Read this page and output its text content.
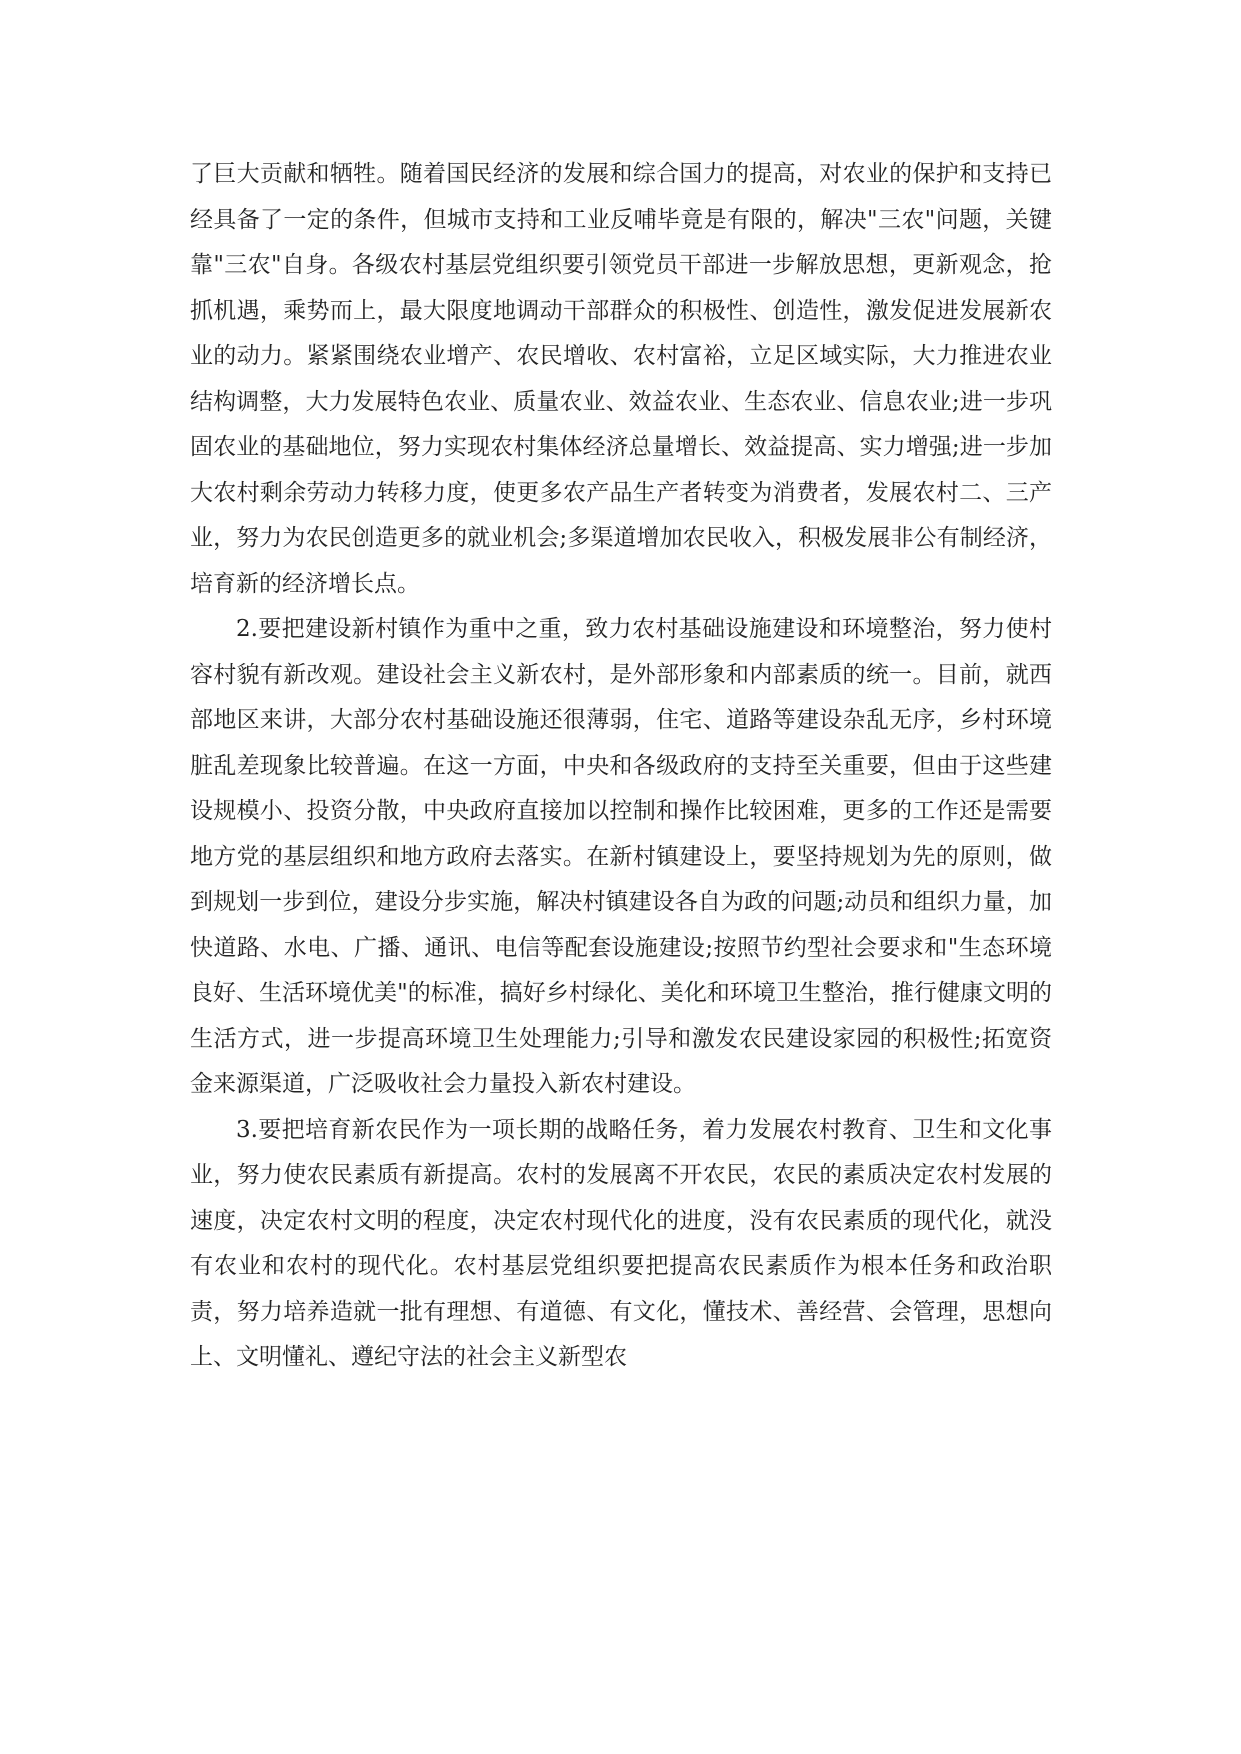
了巨大贡献和牺牲。随着国民经济的发展和综合国力的提高，对农业的保护和支持已经具备了一定的条件，但城市支持和工业反哺毕竟是有限的，解决"三农"问题，关键靠"三农"自身。各级农村基层党组织要引领党员干部进一步解放思想，更新观念，抢抓机遇，乘势而上，最大限度地调动干部群众的积极性、创造性，激发促进发展新农业的动力。紧紧围绕农业增产、农民增收、农村富裕，立足区域实际，大力推进农业结构调整，大力发展特色农业、质量农业、效益农业、生态农业、信息农业;进一步巩固农业的基础地位，努力实现农村集体经济总量增长、效益提高、实力增强;进一步加大农村剩余劳动力转移力度，使更多农产品生产者转变为消费者，发展农村二、三产业，努力为农民创造更多的就业机会;多渠道增加农民收入，积极发展非公有制经济，培育新的经济增长点。

2.要把建设新村镇作为重中之重，致力农村基础设施建设和环境整治，努力使村容村貌有新改观。建设社会主义新农村，是外部形象和内部素质的统一。目前，就西部地区来讲，大部分农村基础设施还很薄弱，住宅、道路等建设杂乱无序，乡村环境脏乱差现象比较普遍。在这一方面，中央和各级政府的支持至关重要，但由于这些建设规模小、投资分散，中央政府直接加以控制和操作比较困难，更多的工作还是需要地方党的基层组织和地方政府去落实。在新村镇建设上，要坚持规划为先的原则，做到规划一步到位，建设分步实施，解决村镇建设各自为政的问题;动员和组织力量，加快道路、水电、广播、通讯、电信等配套设施建设;按照节约型社会要求和"生态环境良好、生活环境优美"的标准，搞好乡村绿化、美化和环境卫生整治，推行健康文明的生活方式，进一步提高环境卫生处理能力;引导和激发农民建设家园的积极性;拓宽资金来源渠道，广泛吸收社会力量投入新农村建设。

3.要把培育新农民作为一项长期的战略任务，着力发展农村教育、卫生和文化事业，努力使农民素质有新提高。农村的发展离不开农民，农民的素质决定农村发展的速度，决定农村文明的程度，决定农村现代化的进度，没有农民素质的现代化，就没有农业和农村的现代化。农村基层党组织要把提高农民素质作为根本任务和政治职责，努力培养造就一批有理想、有道德、有文化，懂技术、善经营、会管理，思想向上、文明懂礼、遵纪守法的社会主义新型农
